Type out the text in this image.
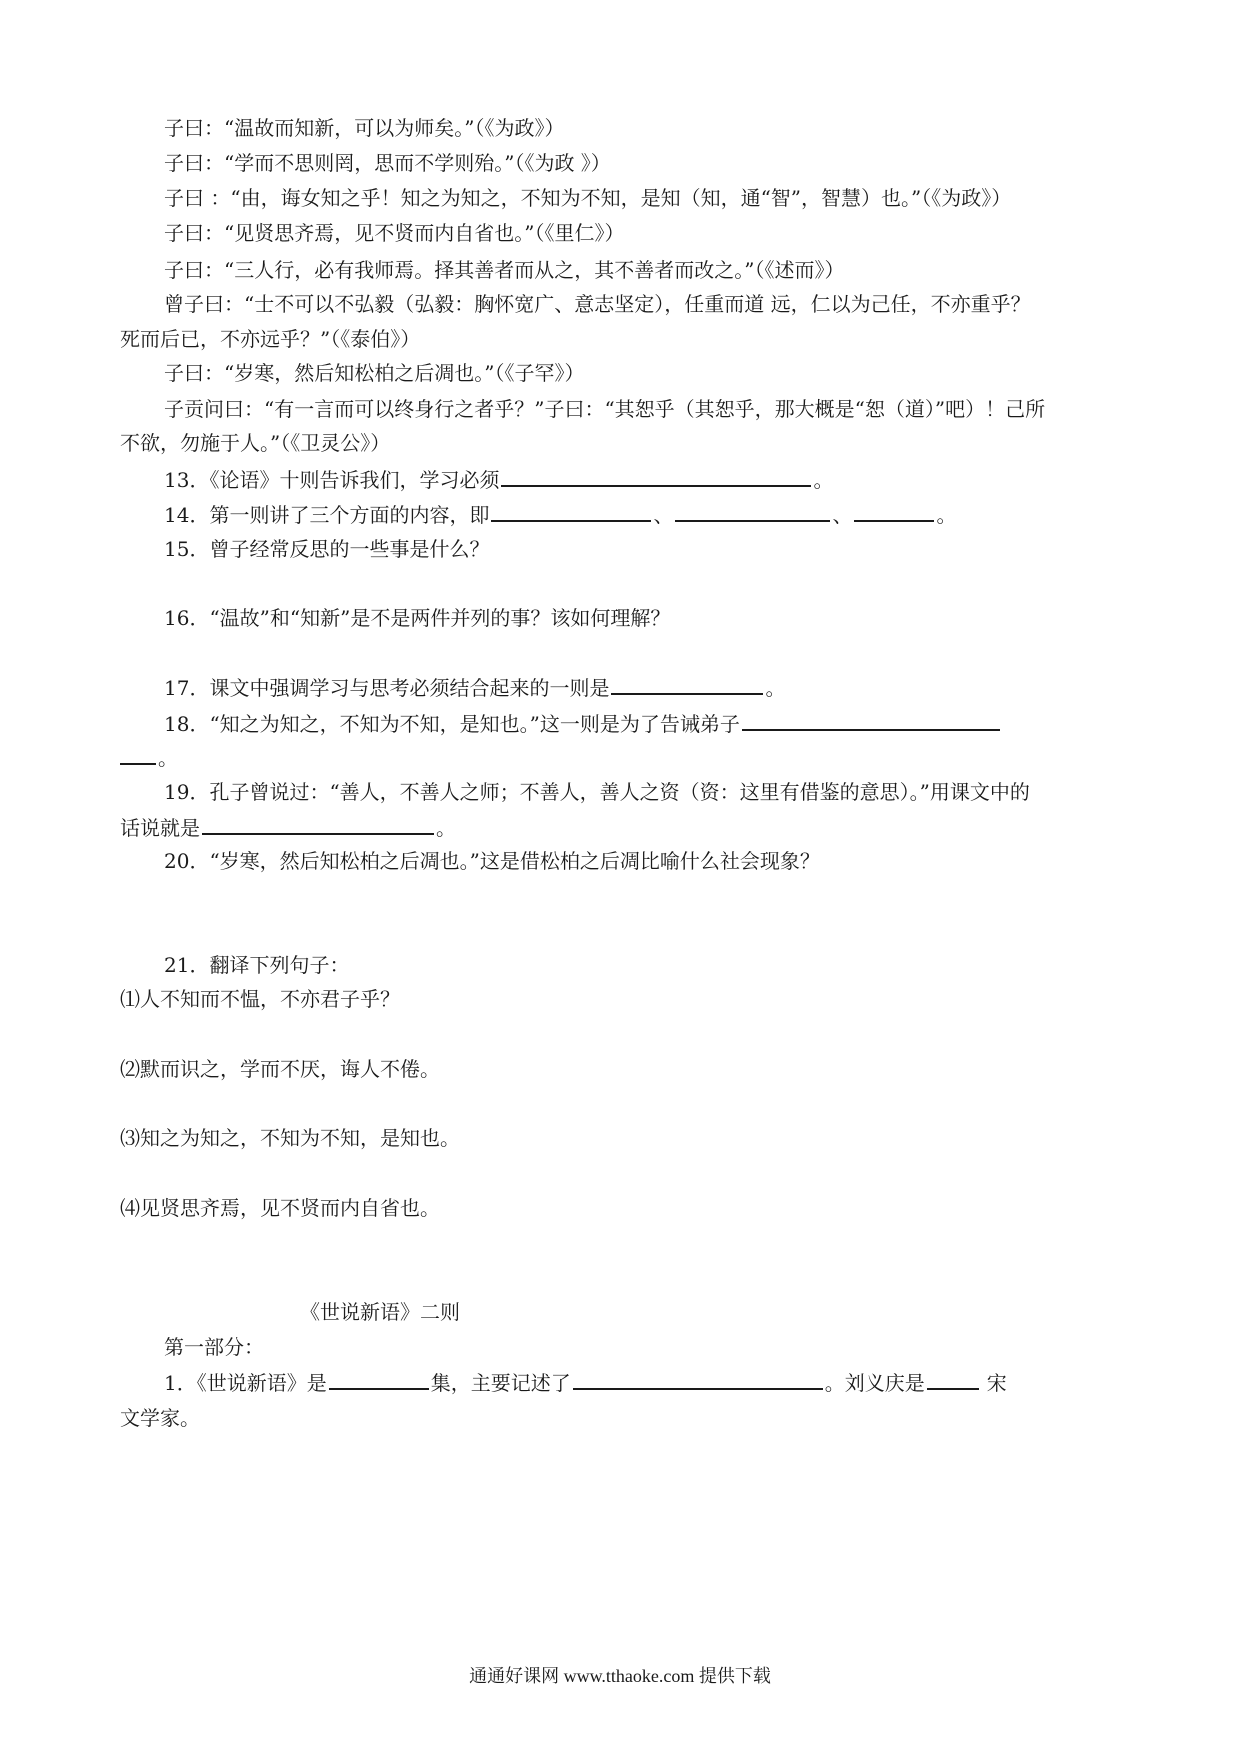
子曰：“温故而知新，可以为师矣。”（《为政》）
子曰：“学而不思则罔，思而不学则殆。”（《为政 》）
子曰 ：“由，诲女知之乎！知之为知之，不知为不知，是知（知，通“智”，智慧）也。”（《为政》）
子曰：“见贤思齐焉，见不贤而内自省也。”（《里仁》）
子曰：“三人行，必有我师焉。择其善者而从之，其不善者而改之。”（《述而》）
曾子曰：“士不可以不弘毅（弘毅：胸怀宽广、意志坚定），任重而道 远，仁以为己任，不亦重乎？
死而后已，不亦远乎？”（《泰伯》）
子曰：“岁寒，然后知松柏之后凋也。”（《子罕》）
子贡问曰：“有一言而可以终身行之者乎？”子曰：“其恕乎（其恕乎，那大概是“恕（道）”吧）！己所
不欲，勿施于人。”（《卫灵公》）
13．《论语》十则告诉我们，学习必须	。
14．第一则讲了三个方面的内容，即	、	、	。
15．曾子经常反思的一些事是什么？
16．“温故”和“知新”是不是两件并列的事？该如何理解？
17．课文中强调学习与思考必须结合起来的一则是	。
18．“知之为知之，不知为不知，是知也。”这一则是为了告诫弟子
。
19．孔子曾说过：“善人，不善人之师；不善人，善人之资（资：这里有借鉴的意思）。”用课文中的
话说就是	。
20．“岁寒，然后知松柏之后凋也。”这是借松柏之后凋比喻什么社会现象？
21．翻译下列句子：
⑴人不知而不愠，不亦君子乎？
⑵默而识之，学而不厌，诲人不倦。
⑶知之为知之，不知为不知，是知也。
⑷见贤思齐焉，见不贤而内自省也。
《世说新语》二则
第一部分：
1．《世说新语》是	集，主要记述了	。刘义庆是	宋
文学家。
通通好课网 www.tthaoke.com 提供下载
